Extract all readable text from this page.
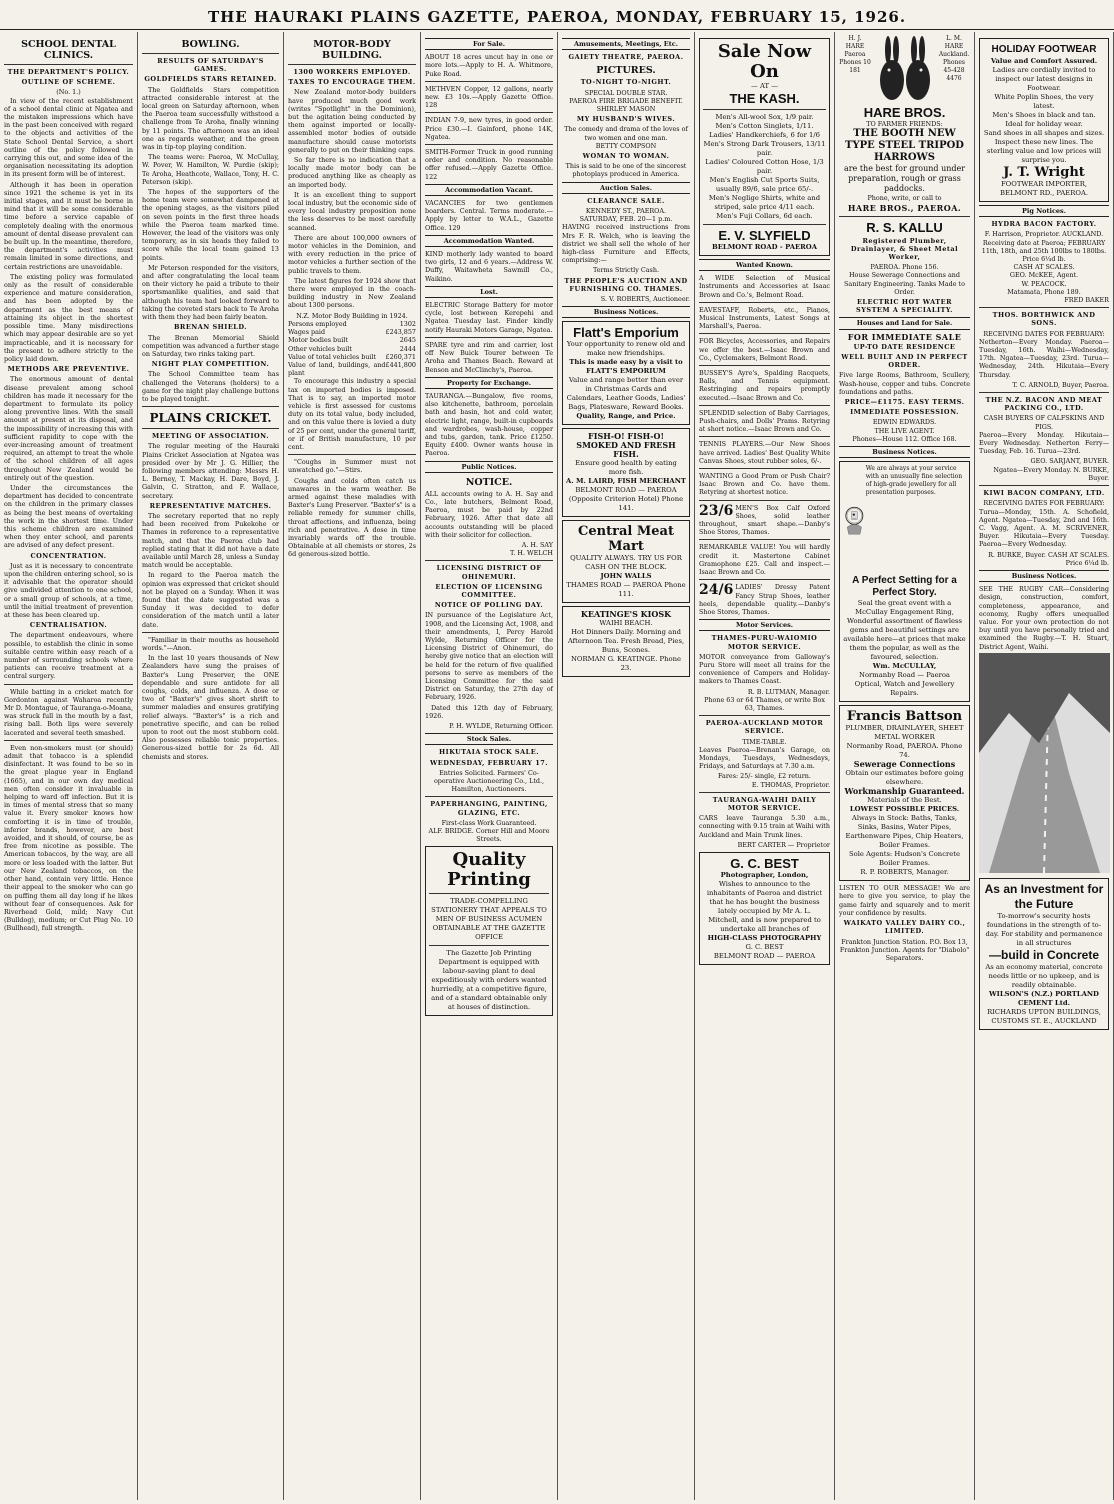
THE HAURAKI PLAINS GAZETTE, PAEROA, MONDAY, FEBRUARY 15, 1926.
SCHOOL DENTAL CLINICS.
THE DEPARTMENT'S POLICY.
OUTLINE OF SCHEME.
(No. 1.)

In view of the recent establishment of a school dental clinic at Ngatea and the mistaken impressions which have in the past been conceived with regard to the objects and activities of the State School Dental Service, a short outline of the policy followed in carrying this out, and some idea of the organisation necessitating its adoption in its present form will be of interest.

Although it has been in operation since 1921 the scheme is yet in its initial stages, and it must be borne in mind that it will be some considerable time before a service capable of completely dealing with the enormous amount of dental disease prevalent can be built up. In the meantime, therefore, the department's activities must remain limited in some directions, and certain restrictions are unavoidable.

The existing policy was formulated only as the result of considerable experience and mature consideration, and has been adopted by the department as the best means of attaining its object in the shortest possible time. Many misdirections which may appear desirable are so yet impracticable, and it is necessary for the present to adhere strictly to the policy laid down.

METHODS ARE PREVENTIVE.

The enormous amount of dental disease prevalent among school children has made it necessary for the department to formulate its policy along preventive lines. With the small amount at present at its disposal, and the impossibility of increasing this with sufficient rapidity to cope with the ever-increasing amount of treatment required, an attempt to treat the whole of the school children of all ages throughout New Zealand would be entirely out of the question.

Under the circumstances the department has decided to concentrate on the children in the primary classes as being the best means of overtaking the work in the shortest time. Under this scheme children are examined when they enter school, and parents are advised of any defect present.

CONCENTRATION.

Just as it is necessary to concentrate upon the children entering school, so is it advisable that the operator should give undivided attention to one school, or a small group of schools, at a time, until the initial treatment of prevention at these has been cleared up.

CENTRALISATION.

The department endeavours, where possible, to establish the clinic in some suitable centre within easy reach of a number of surrounding schools where patients can receive treatment at a central surgery.

While batting in a cricket match for Gordonton against Waharoa recently Mr D. Montague, of Tauranga-o-Moana, was struck full in the mouth by a fast, rising ball. Both lips were severely lacerated and several teeth smashed.

Even non-smokers must (or should) admit that tobacco is a splendid disinfectant. It was found to be so in the great plague year in England (1665), and in our own day medical men often consider it invaluable in helping to ward off infection. But it is in times of mental stress that so many value it. Every smoker knows how comforting it is in time of trouble, inferior brands, however, are best avoided, and it should, of course, be as free from nicotine as possible. The American tobaccos, by the way, are all more or less loaded with the latter. But our New Zealand tobaccos, on the other hand, contain very little. Hence their appeal to the smoker who can go on puffing them all day long if he likes without fear of consequences. Ask for Riverhead Gold, mild; Navy Cut (Bulldog), medium; or Cut Plug No. 10 (Bullhead), full strength.

BOWLING.
RESULTS OF SATURDAY'S GAMES.
GOLDFIELDS STARS RETAINED.

The Goldfields Stars competition attracted considerable interest at the local green on Saturday afternoon, when the Paeroa team successfully withstood a challenge from Te Aroha, finally winning by 11 points. The afternoon was an ideal one as regards weather, and the green was in tip-top playing condition.

The teams were: Paeroa, W. McCullay, W. Pover, W. Hamilton, W. Purdie (skip); Te Aroha, Heathcote, Wallace, Tony, H. C. Peterson (skip).

The hopes of the supporters of the home team were somewhat dampened at the opening stages, as the visitors piled on seven points in the first three heads while the Paeroa team marked time. However, the lead of the visitors was only temporary, as in six heads they failed to score while the local team gained 13 points.

Mr Peterson responded for the visitors, and after congratulating the local team on their victory he paid a tribute to their sportsmanlike qualities, and said that although his team had looked forward to taking the coveted stars back to Te Aroha with them they had been fairly beaten.

BRENAN SHIELD.

The Brenan Memorial Shield competition was advanced a further stage on Saturday, two rinks taking part.

NIGHT PLAY COMPETITION.

The School Committee team has challenged the Veterans (holders) to a game for the night play challenge buttons to be played tonight.

PLAINS CRICKET.
MEETING OF ASSOCIATION.

The regular meeting of the Hauraki Plains Cricket Association at Ngatea was presided over by Mr J. G. Hillier, the following members attending: Messrs H. L. Berney, T. Mackay, H. Dare, Boyd, J. Galvin, C. Stratton, and F. Wallace, secretary.

REPRESENTATIVE MATCHES.

The secretary reported that no reply had been received from Pukekohe or Thames in reference to a representative match, and that the Paeroa club had replied stating that it did not have a date available until March 28, unless a Sunday match would be acceptable.

In regard to the Paeroa match the opinion was expressed that cricket should not be played on a Sunday. When it was found that the date suggested was a Sunday it was decided to defer consideration of the match until a later date.

"Familiar in their mouths as household words."—Anon.

In the last 10 years thousands of New Zealanders have sung the praises of Baxter's Lung Preserver, the ONE dependable and sure antidote for all coughs, colds, and influenza. A dose or two of "Baxter's" gives short shrift to summer maladies and ensures gratifying relief always. "Baxter's" is a rich and penetrative specific, and can be relied upon to root out the most stubborn cold. Also possesses reliable tonic properties. Generous-sized bottle for 2s 6d. All chemists and stores.

MOTOR-BODY BUILDING.
1300 WORKERS EMPLOYED.
TAXES TO ENCOURAGE THEM.

New Zealand motor-body builders have produced much good work (writes "Spotlight" in the Dominion), but the agitation being conducted by them against imported or locally-assembled motor bodies of outside manufacture should cause motorists generally to put on their thinking caps.

So far there is no indication that a locally made motor body can be produced anything like as cheaply as an imported body.

It is an excellent thing to support local industry, but the economic side of every local industry proposition none the less deserves to be most carefully scanned.

There are about 100,000 owners of motor vehicles in the Dominion, and with every reduction in the price of motor vehicles a further section of the public travels to them.

The latest figures for 1924 show that there were employed in the coach-building industry in New Zealand about 1300 persons.

N.Z. Motor Body Building in 1924.
Persons employed	1302
Wages paid	£243,857
Motor bodies built	2645
Other vehicles built	2444
Value of total vehicles built £260,371
Value of land, buildings, and plant
£441,800

To encourage this industry a special tax on imported bodies is imposed. That is to say, an imported motor vehicle is first assessed for customs duty on its total value, body included, and on this value there is levied a duty of 25 per cent, under the general tariff, or if of British manufacture, 10 per cent.

"Coughs in Summer must not unwatched go."—Stirs.

Coughs and colds often catch us unawares in the warm weather. Be armed against these maladies with Baxter's Lung Preserver. "Baxter's" is a reliable remedy for summer chills, throat affections, and influenza, being rich and penetrative. A dose in time invariably wards off the trouble. Obtainable at all chemists or stores, 2s 6d generous-sized bottle.

For Sale.

ABOUT 18 acres uncut hay in one or more lots.—Apply to H. A. Whitmore, Puke Road.

METHVEN Copper, 12 gallons, nearly new. £3 10s.—Apply Gazette Office. 128

INDIAN 7-9, new tyres, in good order. Price £30.—I. Gainford, phone 14K, Ngatea.

SMITH-Former Truck in good running order and condition. No reasonable offer refused.—Apply Gazette Office. 122

Accommodation Vacant.

VACANCIES for two gentlemen boarders. Central. Terms moderate.—Apply by letter to W.A.L., Gazette Office. 129

Accommodation Wanted.

KIND motherly lady wanted to board two girls, 12 and 6 years.—Address W. Duffy, Waitawheta Sawmill Co., Waikino.

Lost.

ELECTRIC Storage Battery for motor cycle, lost between Kerepehi and Ngatea Tuesday last. Finder kindly notify Hauraki Motors Garage, Ngatea.

SPARE tyre and rim and carrier, lost off New Buick Tourer between Te Aroha and Thames Beach. Reward at Benson and McClinchy's, Paeroa.

Property for Exchange.

TAURANGA.—Bungalow, five rooms, also kitchenette, bathroom, porcelain bath and basin, hot and cold water, electric light, range, built-in cupboards and wardrobes, wash-house, copper and tubs, garden, tank. Price £1250. Equity £400. Owner wants house in Paeroa.

Public Notices.
NOTICE.

ALL accounts owing to A. H. Say and Co., late butchers, Belmont Road, Paeroa, must be paid by 22nd February, 1926. After that date all accounts outstanding will be placed with their solicitor for collection.

A. H. SAY
T. H. WELCH
LICENSING DISTRICT OF OHINEMURI.
ELECTION OF LICENSING COMMITTEE.
NOTICE OF POLLING DAY.

IN pursuance of the Legislature Act, 1908, and the Licensing Act, 1908, and their amendments, I, Percy Harold Wylde, Returning Officer for the Licensing District of Ohinemuri, do hereby give notice that an election will be held for the return of five qualified persons to serve as members of the Licensing Committee for the said District on Saturday, the 27th day of February, 1926.

Dated this 12th day of February, 1926.

P. H. WYLDE, Returning Officer.
Stock Sales.
HIKUTAIA STOCK SALE.
WEDNESDAY, FEBRUARY 17.
Entries Solicited. Farmers' Co-operative Auctioneering Co., Ltd., Hamilton, Auctioneers.
PAPERHANGING, PAINTING, GLAZING, ETC.
First-class Work Guaranteed.
ALF. BRIDGE. Corner Hill and Moore Streets.
Quality Printing
TRADE-COMPELLING STATIONERY THAT APPEALS TO MEN OF BUSINESS ACUMEN OBTAINABLE AT THE GAZETTE OFFICE
The Gazette Job Printing Department is equipped with labour-saving plant to deal expeditiously with orders wanted hurriedly, at a competitive figure, and of a standard obtainable only at houses of distinction.
Amusements, Meetings, Etc.
GAIETY THEATRE, PAEROA.
PICTURES.
TO-NIGHT TO-NIGHT.
SPECIAL DOUBLE STAR.
PAEROA FIRE BRIGADE BENEFIT.
SHIRLEY MASON
MY HUSBAND'S WIVES.
The comedy and drama of the loves of two women and one man.
BETTY COMPSON
WOMAN TO WOMAN.
This is said to be one of the sincerest photoplays produced in America.
Auction Sales.
CLEARANCE SALE.
KENNEDY ST., PAEROA.
SATURDAY, FEB. 20—1 p.m.

HAVING received instructions from Mrs F. R. Welch, who is leaving the district we shall sell the whole of her high-class Furniture and Effects, comprising:—

Terms Strictly Cash.
THE PEOPLE'S AUCTION AND FURNISHING CO. THAMES.
S. V. ROBERTS, Auctioneer.
Business Notices.
Flatt's Emporium
Your opportunity to renew old and make new friendships.
This is made easy by a visit to FLATT'S EMPORIUM
Value and range better than ever in Christmas Cards and Calendars, Leather Goods, Ladies' Bags, Platesware, Reward Books.
Quality, Range, and Price.
FISH-O! FISH-O! SMOKED AND FRESH FISH.
Ensure good health by eating more fish.
A. M. LAIRD, FISH MERCHANT
BELMONT ROAD — PAEROA (Opposite Criterion Hotel) Phone 141.
Central Meat Mart
QUALITY ALWAYS. TRY US FOR CASH ON THE BLOCK.
JOHN WALLS
THAMES ROAD — PAEROA Phone 111.
KEATINGE'S KIOSK
WAIHI BEACH.
Hot Dinners Daily. Morning and Afternoon Tea. Fresh Bread, Pies, Buns, Scones.
NORMAN G. KEATINGE. Phone 23.
Sale Now On
— AT —
THE KASH.
Men's All-wool Sox, 1/9 pair.
Men's Cotton Singlets, 1/11.
Ladies' Handkerchiefs, 6 for 1/6
Men's Strong Dark Trousers, 13/11 pair.
Ladies' Coloured Cotton Hose, 1/3 pair.
Men's English Cut Sports Suits, usually 89/6, sale price 65/-.
Men's Neglige Shirts, white and striped, sale price 4/11 each.
Men's Fuji Collars, 6d each.
E. V. SLYFIELD
BELMONT ROAD - PAEROA
Wanted Known.

A WIDE Selection of Musical Instruments and Accessories at Isaac Brown and Co.'s, Belmont Road.

EAVESTAFF, Roberts, etc., Pianos, Musical Instruments, Latest Songs at Marshall's, Paeroa.

FOR Bicycles, Accessories, and Repairs we offer the best.—Isaac Brown and Co., Cyclemakers, Belmont Road.

BUSSEY'S Ayre's, Spalding Racquets, Balls, and Tennis equipment. Restringing and repairs promptly executed.—Isaac Brown and Co.

SPLENDID selection of Baby Carriages, Push-chairs, and Dolls' Prams. Retyring at short notice.—Isaac Brown and Co.

TENNIS PLAYERS.—Our New Shoes have arrived. Ladies' Best Quality White Canvas Shoes, stout rubber soles, 6/-.

WANTING a Good Pram or Push Chair? Isaac Brown and Co. have them. Retyring at shortest notice.

23/6 MEN'S Box Calf Oxford Shoes, solid leather throughout, smart shape.—Danby's Shoe Stores, Thames.

REMARKABLE VALUE! You will hardly credit it. Mastertone Cabinet Gramophone £25. Call and inspect.—Isaac Brown and Co.

24/6 LADIES' Dressy Patent Fancy Strap Shoes, leather heels, dependable quality.—Danby's Shoe Stores, Thames.

Motor Services.
THAMES-PURU-WAIOMIO MOTOR SERVICE.

MOTOR conveyance from Galloway's Puru Store will meet all trains for the convenience of Campers and Holiday-makers to Thames Coast.

R. B. LUTMAN, Manager.
Phone 63 or 64 Thames, or write Box 63, Thames.
PAEROA-AUCKLAND MOTOR SERVICE.
TIME-TABLE.

Leaves Paeroa—Brenan's Garage, on Mondays, Tuesdays, Wednesdays, Fridays, and Saturdays at 7.30 a.m.

Fares: 25/- single, £2 return.
E. THOMAS, Proprietor.
TAURANGA-WAIHI DAILY MOTOR SERVICE.

CARS leave Tauranga 5.30 a.m., connecting with 9.15 train at Waihi with Auckland and Main Trunk lines.

BERT CARTER — Proprietor
G. C. BEST
Photographer, London,
Wishes to announce to the inhabitants of Paeroa and district that he has bought the business lately occupied by Mr A. L. Mitchell, and is now prepared to undertake all branches of
HIGH-CLASS PHOTOGRAPHY
G. C. BEST
BELMONT ROAD — PAEROA
H. J. HARE Paeroa Phones 10 181
L. M. HARE Auckland. Phones 45-428 4476
HARE BROS.
TO FARMER FRIENDS:
THE BOOTH NEW TYPE STEEL TRIPOD HARROWS
are the best for ground under preparation, rough or grass paddocks.
Phone, write, or call to
HARE BROS., PAEROA.
R. S. KALLU
Registered Plumber, Drainlayer, & Sheet Metal Worker,
PAEROA. Phone 156.
House Sewerage Connections and Sanitary Engineering. Tanks Made to Order.
ELECTRIC HOT WATER SYSTEM A SPECIALITY.
Houses and Land for Sale.
FOR IMMEDIATE SALE
UP-TO DATE RESIDENCE
WELL BUILT AND IN PERFECT ORDER.

Five large Rooms, Bathroom, Scullery, Wash-house, copper and tubs. Concrete foundations and paths.

PRICE—£1175. EASY TERMS.
IMMEDIATE POSSESSION.
EDWIN EDWARDS.
THE LIVE AGENT.
Phones—House 112. Office 168.
Business Notices.
We are always at your service with an unusually fine selection of high-grade jewellery for all presentation purposes.
A Perfect Setting for a Perfect Story.
Seal the great event with a McCullay Engagement Ring, Wonderful assortment of flawless gems and beautiful settings are available here—at prices that make them the popular, as well as the favoured, selection.
Wm. McCULLAY,
Normanby Road — Paeroa
Optical, Watch and Jewellery Repairs.
Francis Battson
PLUMBER, DRAINLAYER, SHEET METAL WORKER
Normanby Road, PAEROA. Phone 74.
Sewerage Connections
Obtain our estimates before going elsewhere.
Workmanship Guaranteed.
Materials of the Best.
LOWEST POSSIBLE PRICES.
Always in Stock: Baths, Tanks, Sinks, Basins, Water Pipes, Earthenware Pipes, Chip Heaters, Boiler Frames.
Sole Agents: Hudson's Concrete Boiler Frames.
R. P. ROBERTS, Manager.

LISTEN TO OUR MESSAGE! We are here to give you service, to play the game fairly and squarely and to merit your confidence by results.

WAIKATO VALLEY DAIRY CO., LIMITED.
Frankton Junction Station. P.O. Box 13, Frankton Junction. Agents for "Diabolo" Separators.
HOLIDAY FOOTWEAR
Value and Comfort Assured.
Ladies are cordially invited to inspect our latest designs in Footwear.
White Poplin Shoes, the very latest.
Men's Shoes in black and tan. Ideal for holiday wear.
Sand shoes in all shapes and sizes.
Inspect these new lines. The sterling value and low prices will surprise you.
J. T. Wright
FOOTWEAR IMPORTER, BELMONT RD., PAEROA.
Pig Notices.
HYDRA BACON FACTORY.
F. Harrison, Proprietor. AUCKLAND.
Receiving date at Paeroa; FEBRUARY 11th, 18th, and 25th 100lbs to 180lbs.
Price 6¼d lb.
CASH AT SCALES.
GEO. McKEE, Agent.
W. PEACOCK.
Matamata, Phone 189.
FRED BAKER
THOS. BORTHWICK AND SONS.
RECEIVING DATES FOR FEBRUARY:

Netherton—Every Monday. Paeroa—Tuesday, 16th. Waihi—Wednesday, 17th. Ngatea—Tuesday, 23rd. Turua—Wednesday, 24th. Hikutaia—Every Thursday.

T. C. ARNOLD, Buyer, Paeroa.
THE N.Z. BACON AND MEAT PACKING CO., LTD.
CASH BUYERS OF CALFSKINS AND PIGS.

Paeroa—Every Monday. Hikutaia—Every Wednesday. Netherton Ferry—Tuesday, Feb. 16. Turua—23rd.

GEO. SARJANT, BUYER.
Ngatea—Every Monday. N. BURKE, Buyer.
KIWI BACON COMPANY, LTD.
RECEIVING DATES FOR FEBRUARY:

Turua—Monday, 15th. A. Schofield, Agent. Ngatea—Tuesday, 2nd and 16th. C. Vagg, Agent. A. M. SCRIVENER, Buyer. Hikutaia—Every Tuesday. Paeroa—Every Wednesday.

R. BURKE, Buyer. CASH AT SCALES. Price 6¼d lb.
Business Notices.

SEE THE RUGBY CAR—Considering design, construction, comfort, completeness, appearance, and economy, Rugby offers unequalled value. For your own protection do not buy until you have personally tried and examined the Rugby.—T. H. Stuart, District Agent, Waihi.

As an Investment for the Future
To-morrow's security hosts foundations in the strength of to-day. For stability and permanence in all structures
—build in Concrete
As an economy material, concrete needs little or no upkeep, and is readily obtainable.
WILSON'S (N.Z.) PORTLAND CEMENT Ltd.
RICHARDS UPTON BUILDINGS, CUSTOMS ST. E., AUCKLAND
